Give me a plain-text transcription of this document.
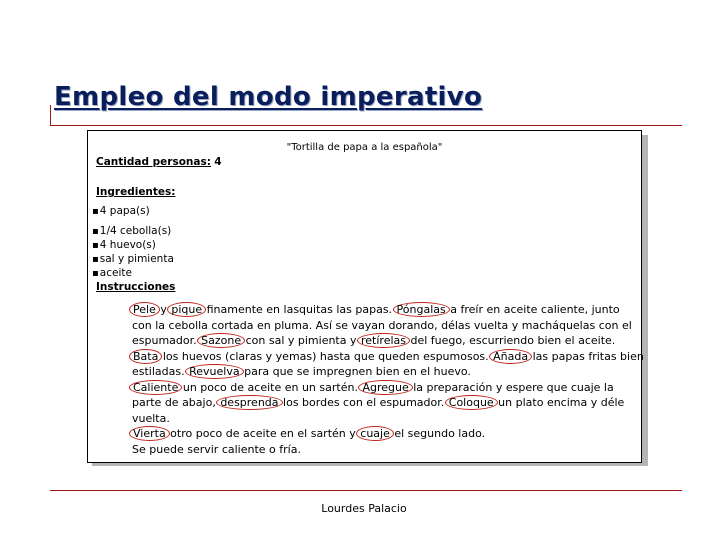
Empleo del modo imperativo
"Tortilla de papa a la española"
Cantidad personas: 4
Ingredientes:
▪ 4 papa(s)
▪ 1/4 cebolla(s)
▪ 4 huevo(s)
▪ sal y pimienta
▪ aceite
Instrucciones
Pele y pique finamente en lasquitas las papas. Póngalas a freír en aceite caliente, junto
con la cebolla cortada en pluma. Así se vayan dorando, délas vuelta y macháquelas con el
espumador. Sazone con sal y pimienta y retírelas del fuego, escurriendo bien el aceite.
Bata los huevos (claras y yemas) hasta que queden espumosos. Añada las papas fritas bien
estiladas. Revuelva para que se impregnen bien en el huevo.
Caliente un poco de aceite en un sartén. Agregue la preparación y espere que cuaje la
parte de abajo, desprenda los bordes con el espumador. Coloque un plato encima y déle
vuelta.
Vierta otro poco de aceite en el sartén y cuaje el segundo lado.
Se puede servir caliente o fría.
Lourdes Palacio
